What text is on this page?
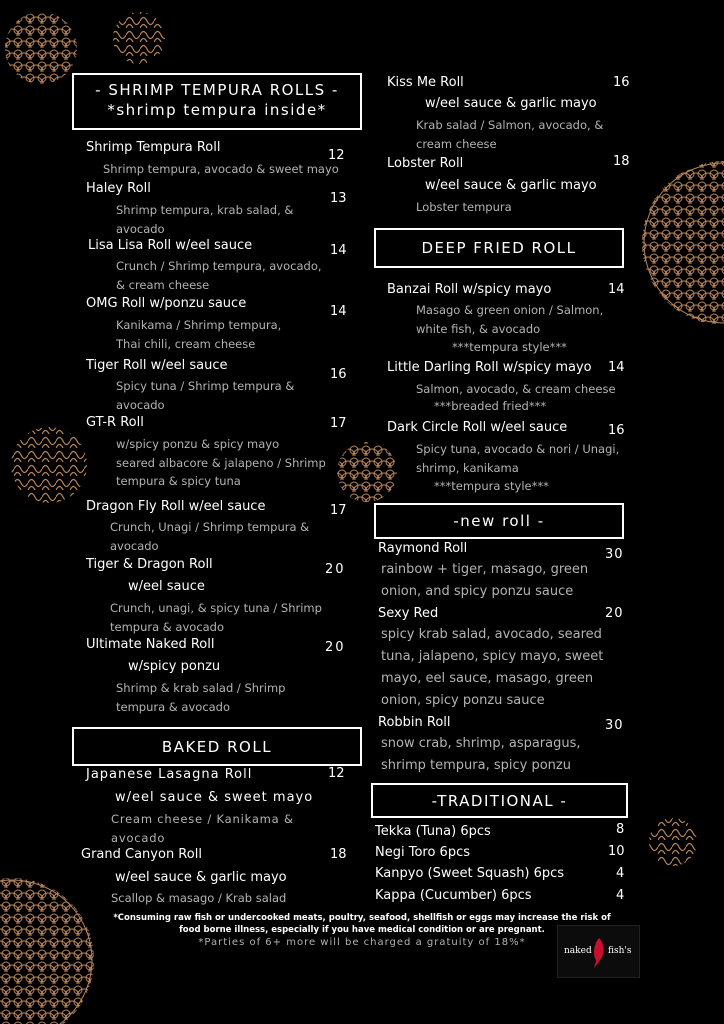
- SHRIMP TEMPURA ROLLS -
*shrimp tempura inside*
Shrimp Tempura Roll
12
Shrimp tempura, avocado & sweet mayo
Haley Roll
13
Shrimp tempura, krab salad, &
avocado
Lisa Lisa Roll w/eel sauce	14
Crunch / Shrimp tempura, avocado,
& cream cheese
OMG Roll w/ponzu sauce
14
Kanikama / Shrimp tempura,
Thai chili, cream cheese
Tiger Roll w/eel sauce
16
Spicy tuna / Shrimp tempura &
avocado
GT-R Roll	17
w/spicy ponzu & spicy mayo
seared albacore & jalapeno / Shrimp
tempura & spicy tuna
Dragon Fly Roll w/eel sauce	17
Crunch, Unagi / Shrimp tempura &
avocado
Tiger & Dragon Roll	20
w/eel sauce
Crunch, unagi, & spicy tuna / Shrimp
tempura & avocado
Ultimate Naked Roll	20
w/spicy ponzu
Shrimp & krab salad / Shrimp
tempura & avocado
BAKED ROLL
Japanese Lasagna Roll	12
w/eel sauce & sweet mayo
Cream cheese / Kanikama &
avocado
Grand Canyon Roll	18
w/eel sauce & garlic mayo
Scallop & masago / Krab salad
Kiss Me Roll	16
w/eel sauce & garlic mayo
Krab salad / Salmon, avocado, &
cream cheese
Lobster Roll	18
w/eel sauce & garlic mayo
Lobster tempura
DEEP FRIED ROLL
Banzai Roll w/spicy mayo	14
Masago & green onion / Salmon,
white fish, & avocado
***tempura style***
Little Darling Roll w/spicy mayo 14
Salmon, avocado, & cream cheese
***breaded fried***
Dark Circle Roll w/eel sauce	16
Spicy tuna, avocado & nori / Unagi,
shrimp, kanikama
***tempura style***
-new roll -
Raymond Roll	30
rainbow + tiger, masago, green
onion, and spicy ponzu sauce
Sexy Red	20
spicy krab salad, avocado, seared
tuna, jalapeno, spicy mayo, sweet
mayo, eel sauce, masago, green
onion, spicy ponzu sauce
Robbin Roll	30
snow crab, shrimp, asparagus,
shrimp tempura, spicy ponzu
-TRADITIONAL -
Tekka (Tuna) 6pcs	8
Negi Toro 6pcs	10
Kanpyo (Sweet Squash) 6pcs	4
Kappa (Cucumber) 6pcs	4
*Consuming raw fish or undercooked meats, poultry, seafood, shellfish or eggs may increase the risk of
food borne illness, especially if you have medical condition or are pregnant.
*Parties of 6+ more will be charged a gratuity of 18%*
naked fish's
